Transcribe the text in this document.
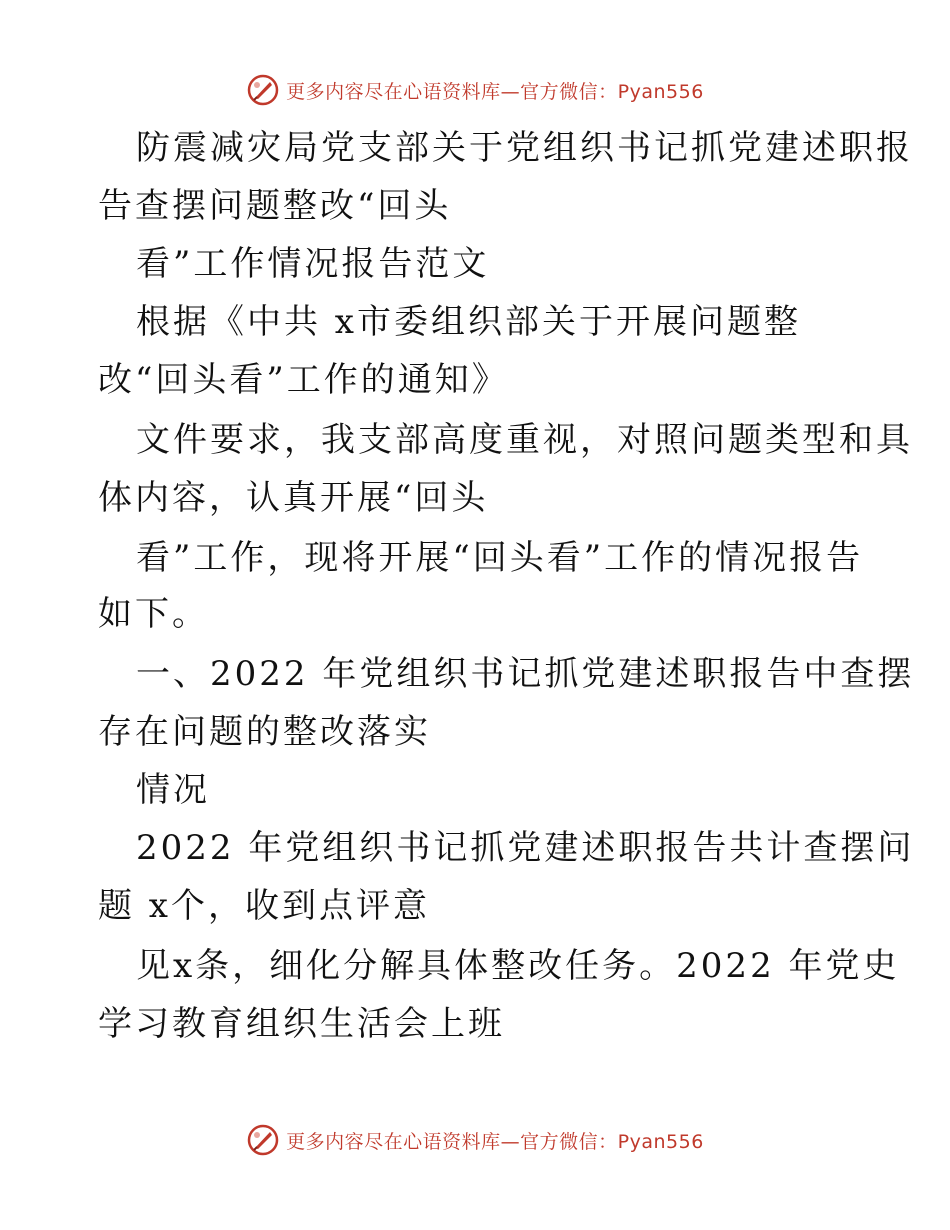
更多内容尽在心语资料库—官方微信：Pyan556
防震减灾局党支部关于党组织书记抓党建述职报
告查摆问题整改“回头
看”工作情况报告范文
根据《中共 x市委组织部关于开展问题整
改“回头看”工作的通知》
文件要求，我支部高度重视，对照问题类型和具
体内容，认真开展“回头
看”工作，现将开展“回头看”工作的情况报告
如下。
一、2022 年党组织书记抓党建述职报告中查摆
存在问题的整改落实
情况
2022 年党组织书记抓党建述职报告共计查摆问
题 x个，收到点评意
见x条，细化分解具体整改任务。2022 年党史
学习教育组织生活会上班
更多内容尽在心语资料库—官方微信：Pyan556
